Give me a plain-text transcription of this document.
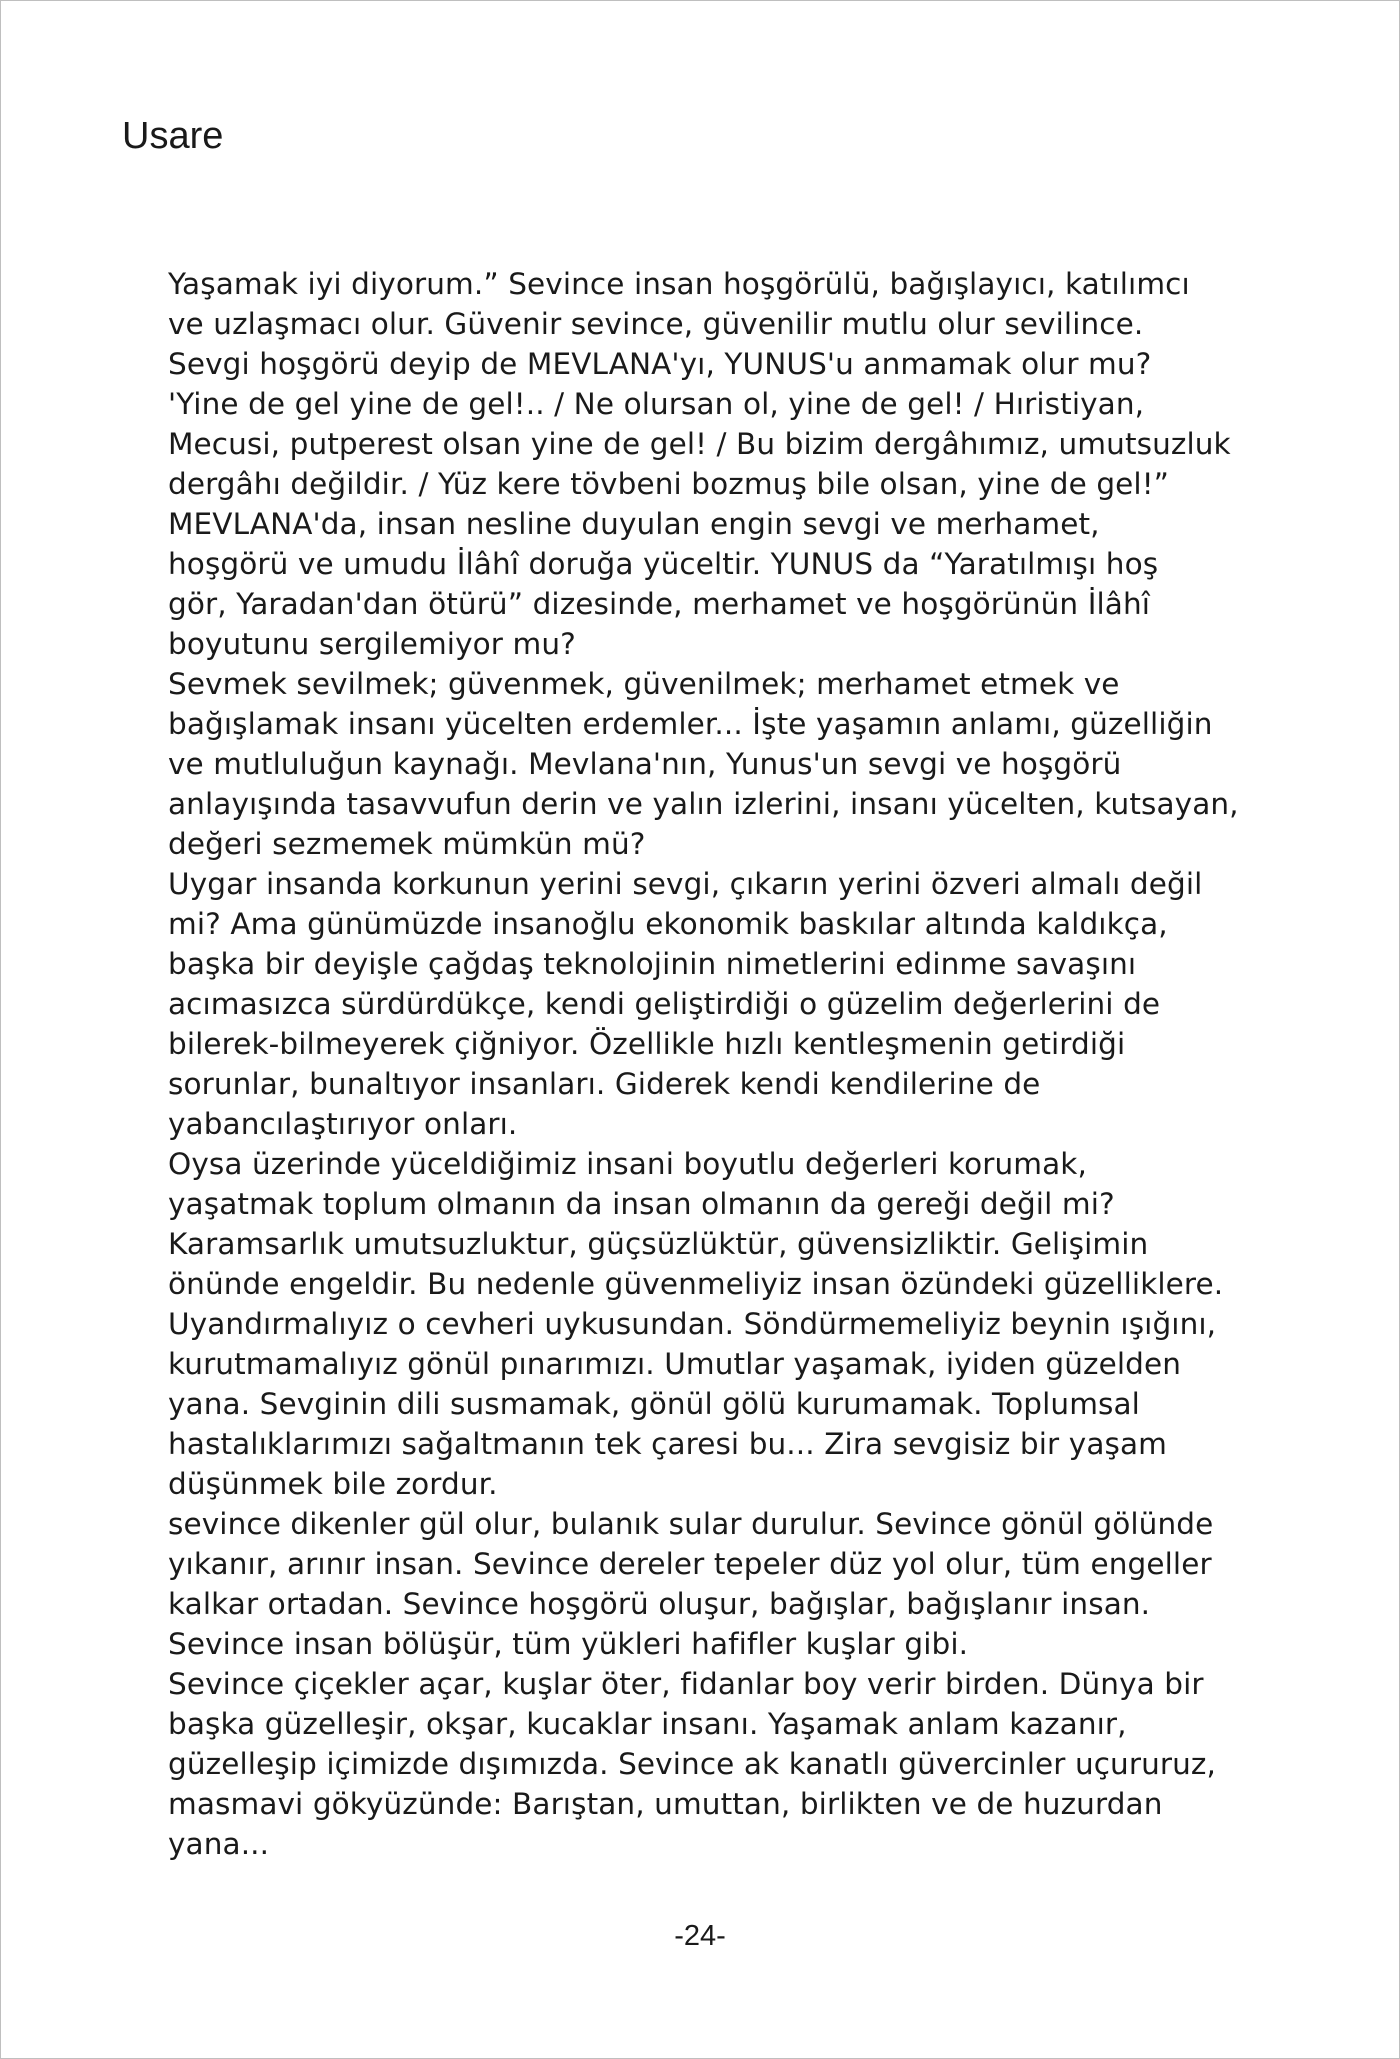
Usare
Yaşamak iyi diyorum.” Sevince insan hoşgörülü, bağışlayıcı, katılımcı
ve uzlaşmacı olur. Güvenir sevince, güvenilir mutlu olur sevilince.
Sevgi hoşgörü deyip de MEVLANA'yı, YUNUS'u anmamak olur mu?
'Yine de gel yine de gel!.. / Ne olursan ol, yine de gel! / Hıristiyan,
Mecusi, putperest olsan yine de gel! / Bu bizim dergâhımız, umutsuzluk
dergâhı değildir. / Yüz kere tövbeni bozmuş bile olsan, yine de gel!”
MEVLANA'da, insan nesline duyulan engin sevgi ve merhamet,
hoşgörü ve umudu İlâhî doruğa yüceltir. YUNUS da “Yaratılmışı hoş
gör, Yaradan'dan ötürü” dizesinde, merhamet ve hoşgörünün İlâhî
boyutunu sergilemiyor mu?
Sevmek sevilmek; güvenmek, güvenilmek; merhamet etmek ve
bağışlamak insanı yücelten erdemler... İşte yaşamın anlamı, güzelliğin
ve mutluluğun kaynağı. Mevlana'nın, Yunus'un sevgi ve hoşgörü
anlayışında tasavvufun derin ve yalın izlerini, insanı yücelten, kutsayan,
değeri sezmemek mümkün mü?
Uygar insanda korkunun yerini sevgi, çıkarın yerini özveri almalı değil
mi? Ama günümüzde insanoğlu ekonomik baskılar altında kaldıkça,
başka bir deyişle çağdaş teknolojinin nimetlerini edinme savaşını
acımasızca sürdürdükçe, kendi geliştirdiği o güzelim değerlerini de
bilerek-bilmeyerek çiğniyor. Özellikle hızlı kentleşmenin getirdiği
sorunlar, bunaltıyor insanları. Giderek kendi kendilerine de
yabancılaştırıyor onları.
Oysa üzerinde yüceldiğimiz insani boyutlu değerleri korumak,
yaşatmak toplum olmanın da insan olmanın da gereği değil mi?
Karamsarlık umutsuzluktur, güçsüzlüktür, güvensizliktir. Gelişimin
önünde engeldir. Bu nedenle güvenmeliyiz insan özündeki güzelliklere.
Uyandırmalıyız o cevheri uykusundan. Söndürmemeliyiz beynin ışığını,
kurutmamalıyız gönül pınarımızı. Umutlar yaşamak, iyiden güzelden
yana. Sevginin dili susmamak, gönül gölü kurumamak. Toplumsal
hastalıklarımızı sağaltmanın tek çaresi bu... Zira sevgisiz bir yaşam
düşünmek bile zordur.
sevince dikenler gül olur, bulanık sular durulur. Sevince gönül gölünde
yıkanır, arınır insan. Sevince dereler tepeler düz yol olur, tüm engeller
kalkar ortadan. Sevince hoşgörü oluşur, bağışlar, bağışlanır insan.
Sevince insan bölüşür, tüm yükleri hafifler kuşlar gibi.
Sevince çiçekler açar, kuşlar öter, fidanlar boy verir birden. Dünya bir
başka güzelleşir, okşar, kucaklar insanı. Yaşamak anlam kazanır,
güzelleşip içimizde dışımızda. Sevince ak kanatlı güvercinler uçururuz,
masmavi gökyüzünde: Barıştan, umuttan, birlikten ve de huzurdan
yana...

-24-
